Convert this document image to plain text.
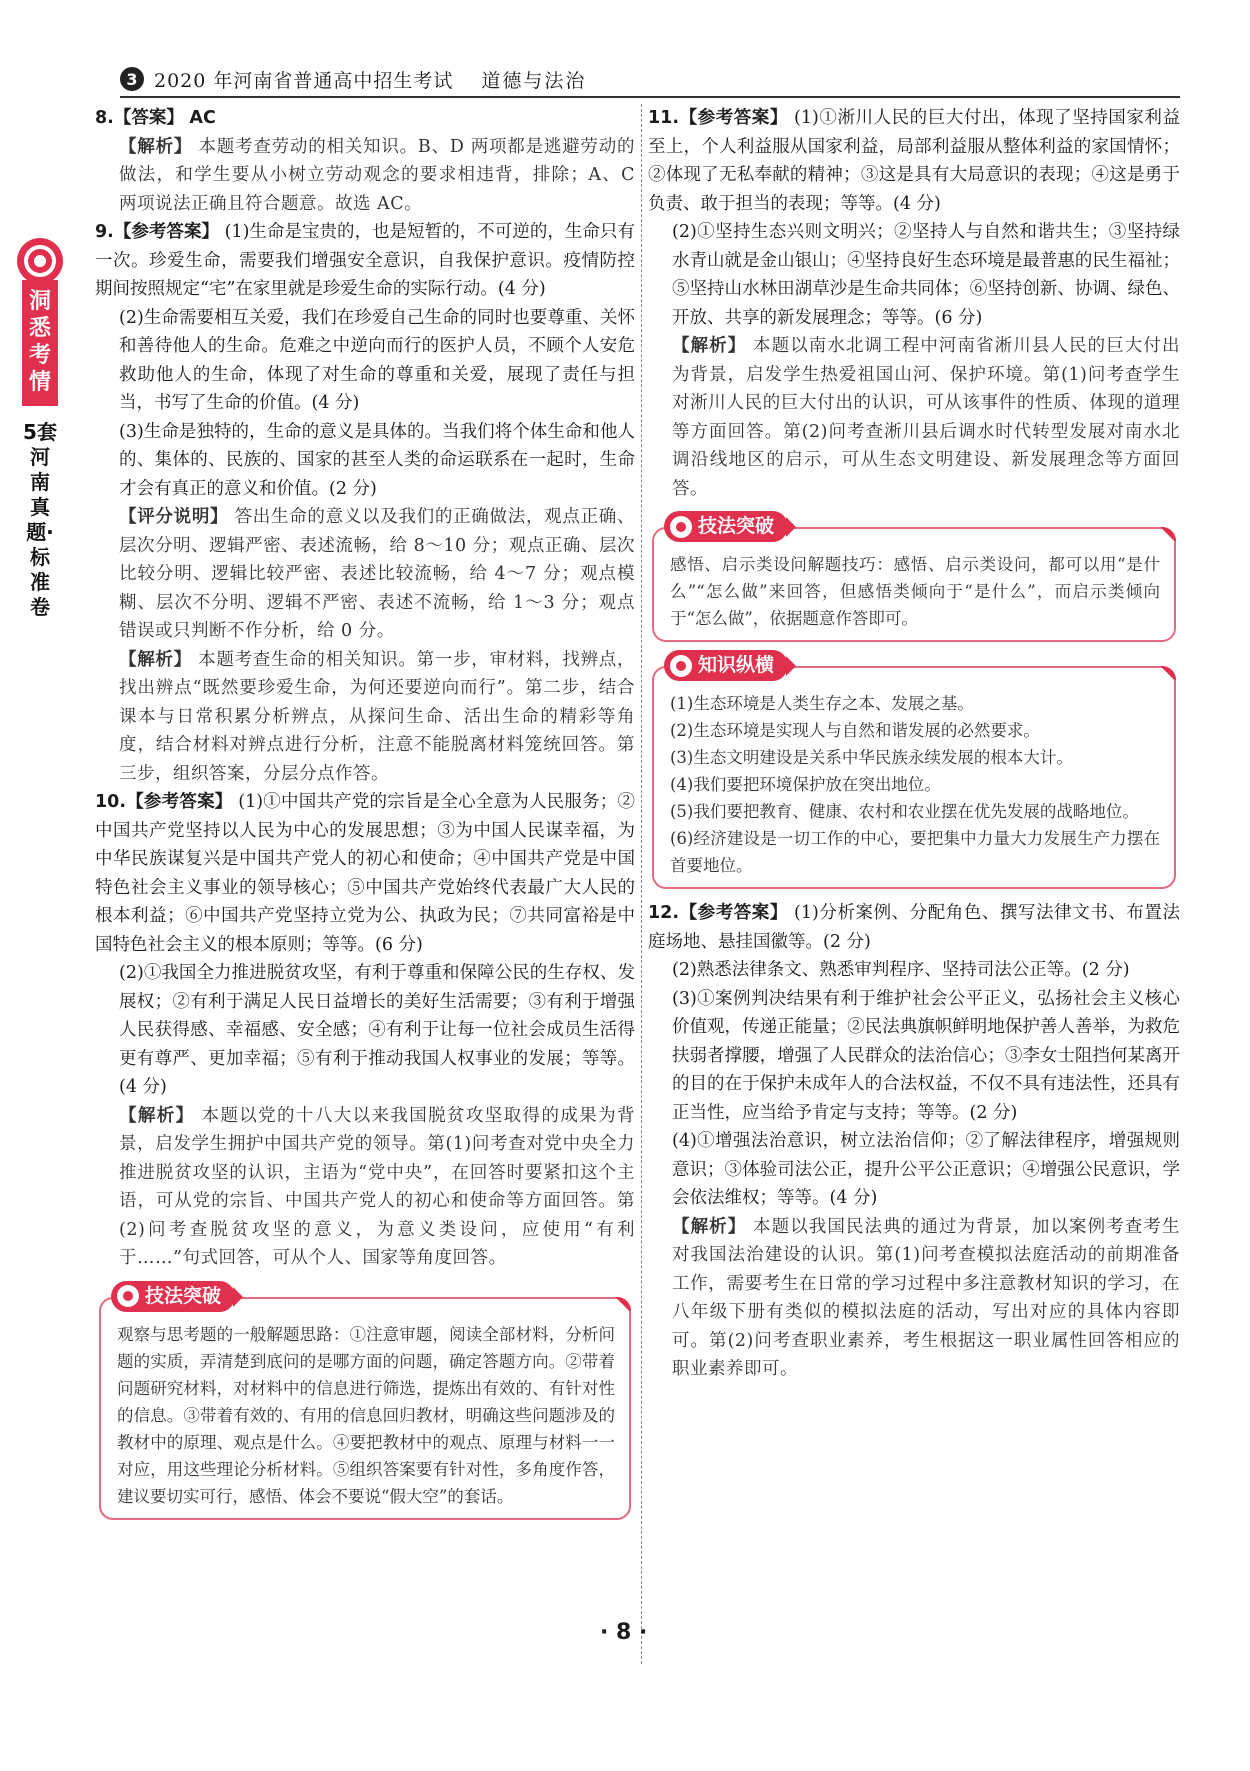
3 2020 年河南省普通高中招生考试 道德与法治
洞悉考情
5套河南真题·标准卷

8.【答案】 AC

【解析】 本题考查劳动的相关知识。B、D 两项都是逃避劳动的做法，和学生要从小树立劳动观念的要求相违背，排除；A、C 两项说法正确且符合题意。故选 AC。

9.【参考答案】 (1)生命是宝贵的，也是短暂的，不可逆的，生命只有一次。珍爱生命，需要我们增强安全意识，自我保护意识。疫情防控期间按照规定“宅”在家里就是珍爱生命的实际行动。(4 分)

(2)生命需要相互关爱，我们在珍爱自己生命的同时也要尊重、关怀和善待他人的生命。危难之中逆向而行的医护人员，不顾个人安危救助他人的生命，体现了对生命的尊重和关爱，展现了责任与担当，书写了生命的价值。(4 分)

(3)生命是独特的，生命的意义是具体的。当我们将个体生命和他人的、集体的、民族的、国家的甚至人类的命运联系在一起时，生命才会有真正的意义和价值。(2 分)

【评分说明】 答出生命的意义以及我们的正确做法，观点正确、层次分明、逻辑严密、表述流畅，给 8～10 分；观点正确、层次比较分明、逻辑比较严密、表述比较流畅，给 4～7 分；观点模糊、层次不分明、逻辑不严密、表述不流畅，给 1～3 分；观点错误或只判断不作分析，给 0 分。

【解析】 本题考查生命的相关知识。第一步，审材料，找辨点，找出辨点“既然要珍爱生命，为何还要逆向而行”。第二步，结合课本与日常积累分析辨点，从探问生命、活出生命的精彩等角度，结合材料对辨点进行分析，注意不能脱离材料笼统回答。第三步，组织答案，分层分点作答。

10.【参考答案】 (1)①中国共产党的宗旨是全心全意为人民服务；②中国共产党坚持以人民为中心的发展思想；③为中国人民谋幸福，为中华民族谋复兴是中国共产党人的初心和使命；④中国共产党是中国特色社会主义事业的领导核心；⑤中国共产党始终代表最广大人民的根本利益；⑥中国共产党坚持立党为公、执政为民；⑦共同富裕是中国特色社会主义的根本原则；等等。(6 分)

(2)①我国全力推进脱贫攻坚，有利于尊重和保障公民的生存权、发展权；②有利于满足人民日益增长的美好生活需要；③有利于增强人民获得感、幸福感、安全感；④有利于让每一位社会成员生活得更有尊严、更加幸福；⑤有利于推动我国人权事业的发展；等等。(4 分)

【解析】 本题以党的十八大以来我国脱贫攻坚取得的成果为背景，启发学生拥护中国共产党的领导。第(1)问考查对党中央全力推进脱贫攻坚的认识，主语为“党中央”，在回答时要紧扣这个主语，可从党的宗旨、中国共产党人的初心和使命等方面回答。第(2)问考查脱贫攻坚的意义，为意义类设问，应使用“有利于……”句式回答，可从个人、国家等角度回答。

技法突破

观察与思考题的一般解题思路：①注意审题，阅读全部材料，分析问题的实质，弄清楚到底问的是哪方面的问题，确定答题方向。②带着问题研究材料，对材料中的信息进行筛选，提炼出有效的、有针对性的信息。③带着有效的、有用的信息回归教材，明确这些问题涉及的教材中的原理、观点是什么。④要把教材中的观点、原理与材料一一对应，用这些理论分析材料。⑤组织答案要有针对性，多角度作答，建议要切实可行，感悟、体会不要说“假大空”的套话。

11.【参考答案】 (1)①淅川人民的巨大付出，体现了坚持国家利益至上，个人利益服从国家利益，局部利益服从整体利益的家国情怀；②体现了无私奉献的精神；③这是具有大局意识的表现；④这是勇于负责、敢于担当的表现；等等。(4 分)

(2)①坚持生态兴则文明兴；②坚持人与自然和谐共生；③坚持绿水青山就是金山银山；④坚持良好生态环境是最普惠的民生福祉；⑤坚持山水林田湖草沙是生命共同体；⑥坚持创新、协调、绿色、开放、共享的新发展理念；等等。(6 分)

【解析】 本题以南水北调工程中河南省淅川县人民的巨大付出为背景，启发学生热爱祖国山河、保护环境。第(1)问考查学生对淅川人民的巨大付出的认识，可从该事件的性质、体现的道理等方面回答。第(2)问考查淅川县后调水时代转型发展对南水北调沿线地区的启示，可从生态文明建设、新发展理念等方面回答。

技法突破

感悟、启示类设问解题技巧：感悟、启示类设问，都可以用“是什么”“怎么做”来回答，但感悟类倾向于“是什么”，而启示类倾向于“怎么做”，依据题意作答即可。

知识纵横

(1)生态环境是人类生存之本、发展之基。

(2)生态环境是实现人与自然和谐发展的必然要求。

(3)生态文明建设是关系中华民族永续发展的根本大计。

(4)我们要把环境保护放在突出地位。

(5)我们要把教育、健康、农村和农业摆在优先发展的战略地位。

(6)经济建设是一切工作的中心，要把集中力量大力发展生产力摆在首要地位。

12.【参考答案】 (1)分析案例、分配角色、撰写法律文书、布置法庭场地、悬挂国徽等。(2 分)

(2)熟悉法律条文、熟悉审判程序、坚持司法公正等。(2 分)

(3)①案例判决结果有利于维护社会公平正义，弘扬社会主义核心价值观，传递正能量；②民法典旗帜鲜明地保护善人善举，为救危扶弱者撑腰，增强了人民群众的法治信心；③李女士阻挡何某离开的目的在于保护未成年人的合法权益，不仅不具有违法性，还具有正当性，应当给予肯定与支持；等等。(2 分)

(4)①增强法治意识，树立法治信仰；②了解法律程序，增强规则意识；③体验司法公正，提升公平公正意识；④增强公民意识，学会依法维权；等等。(4 分)

【解析】 本题以我国民法典的通过为背景，加以案例考查考生对我国法治建设的认识。第(1)问考查模拟法庭活动的前期准备工作，需要考生在日常的学习过程中多注意教材知识的学习，在八年级下册有类似的模拟法庭的活动，写出对应的具体内容即可。第(2)问考查职业素养，考生根据这一职业属性回答相应的职业素养即可。

· 8 ·
